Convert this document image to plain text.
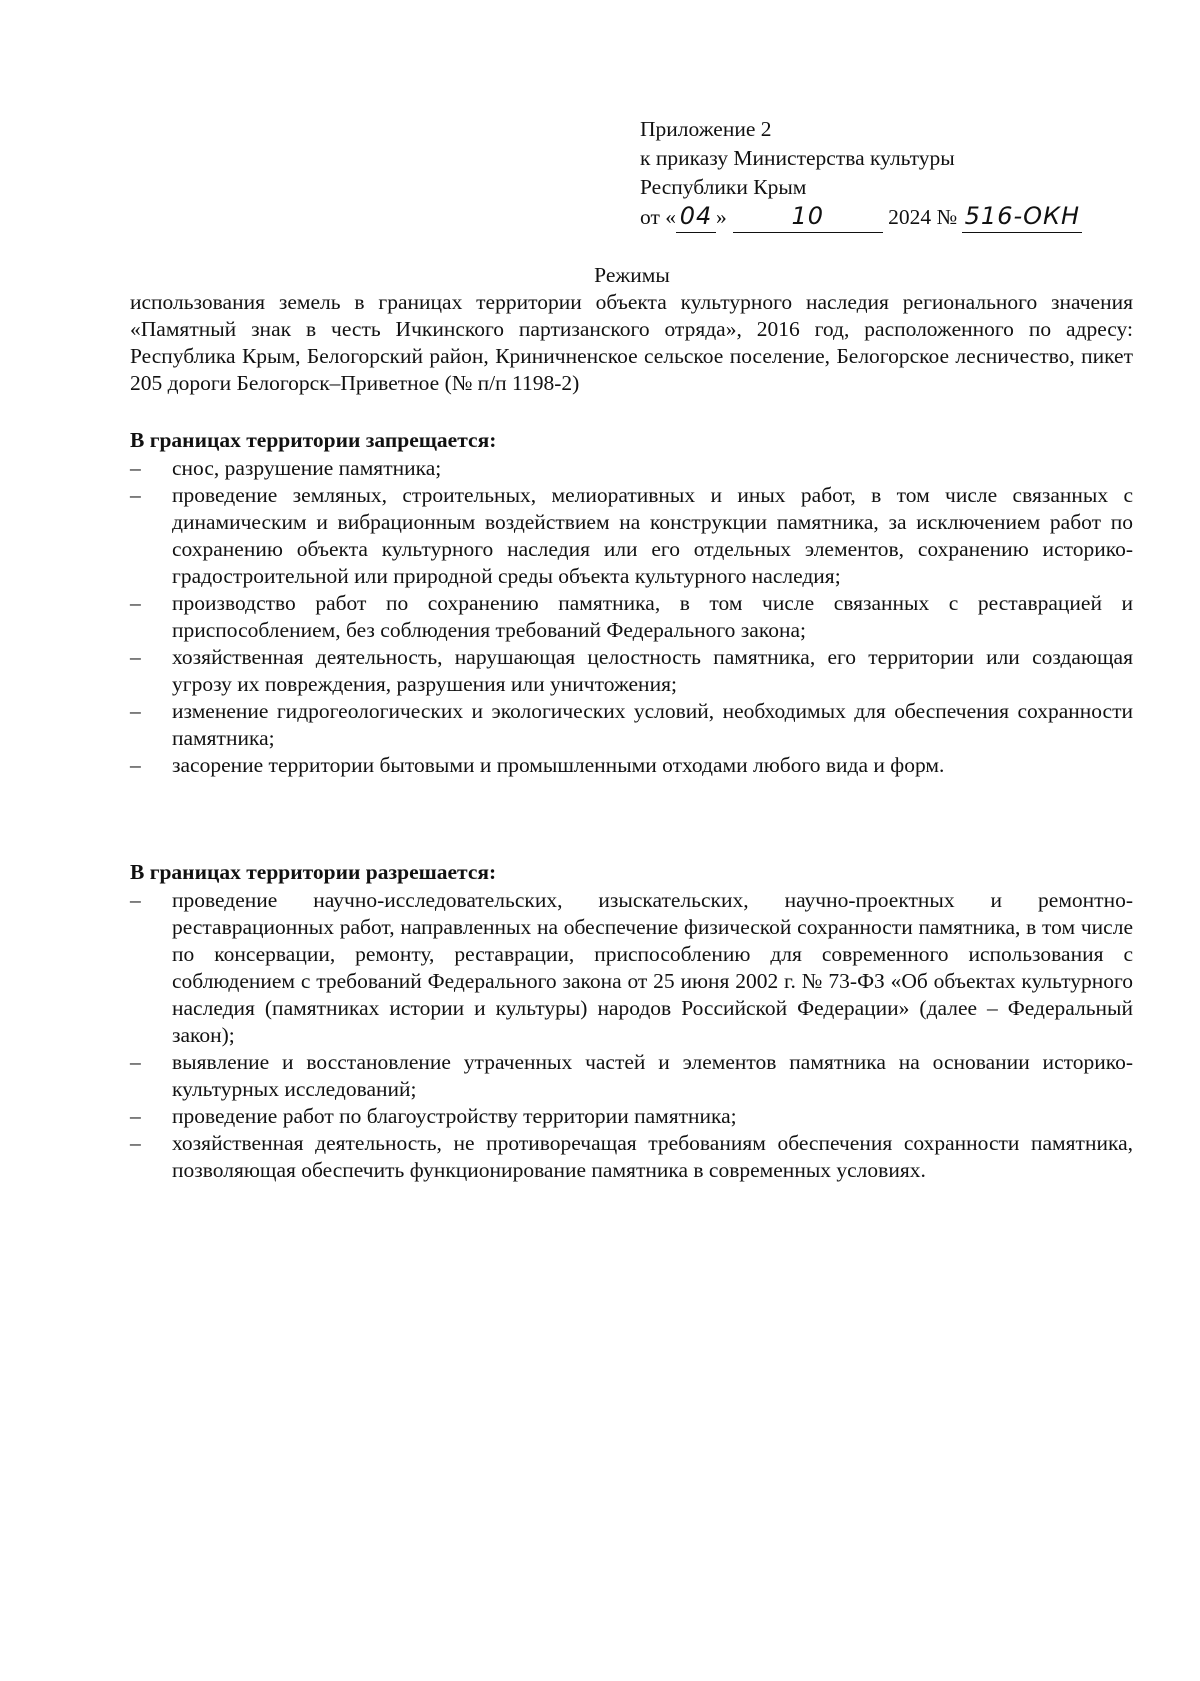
Приложение 2
к приказу Министерства культуры
Республики Крым
от « 04 »	10	2024 № 516-ОКН
Режимы
использования земель в границах территории объекта культурного наследия регионального значения «Памятный знак в честь Ичкинского партизанского отряда», 2016 год, расположенного по адресу: Республика Крым, Белогорский район, Криничненское сельское поселение, Белогорское лесничество, пикет 205 дороги Белогорск–Приветное (№ п/п 1198-2)
В границах территории запрещается:
– снос, разрушение памятника;
– проведение земляных, строительных, мелиоративных и иных работ, в том числе связанных с динамическим и вибрационным воздействием на конструкции памятника, за исключением работ по сохранению объекта культурного наследия или его отдельных элементов, сохранению историко-градостроительной или природной среды объекта культурного наследия;
– производство работ по сохранению памятника, в том числе связанных с реставрацией и приспособлением, без соблюдения требований Федерального закона;
– хозяйственная деятельность, нарушающая целостность памятника, его территории или создающая угрозу их повреждения, разрушения или уничтожения;
– изменение гидрогеологических и экологических условий, необходимых для обеспечения сохранности памятника;
– засорение территории бытовыми и промышленными отходами любого вида и форм.
В границах территории разрешается:
– проведение научно-исследовательских, изыскательских, научно-проектных и ремонтно-реставрационных работ, направленных на обеспечение физической сохранности памятника, в том числе по консервации, ремонту, реставрации, приспособлению для современного использования с соблюдением с требований Федерального закона от 25 июня 2002 г. № 73-ФЗ «Об объектах культурного наследия (памятниках истории и культуры) народов Российской Федерации» (далее – Федеральный закон);
– выявление и восстановление утраченных частей и элементов памятника на основании историко-культурных исследований;
– проведение работ по благоустройству территории памятника;
– хозяйственная деятельность, не противоречащая требованиям обеспечения сохранности памятника, позволяющая обеспечить функционирование памятника в современных условиях.
